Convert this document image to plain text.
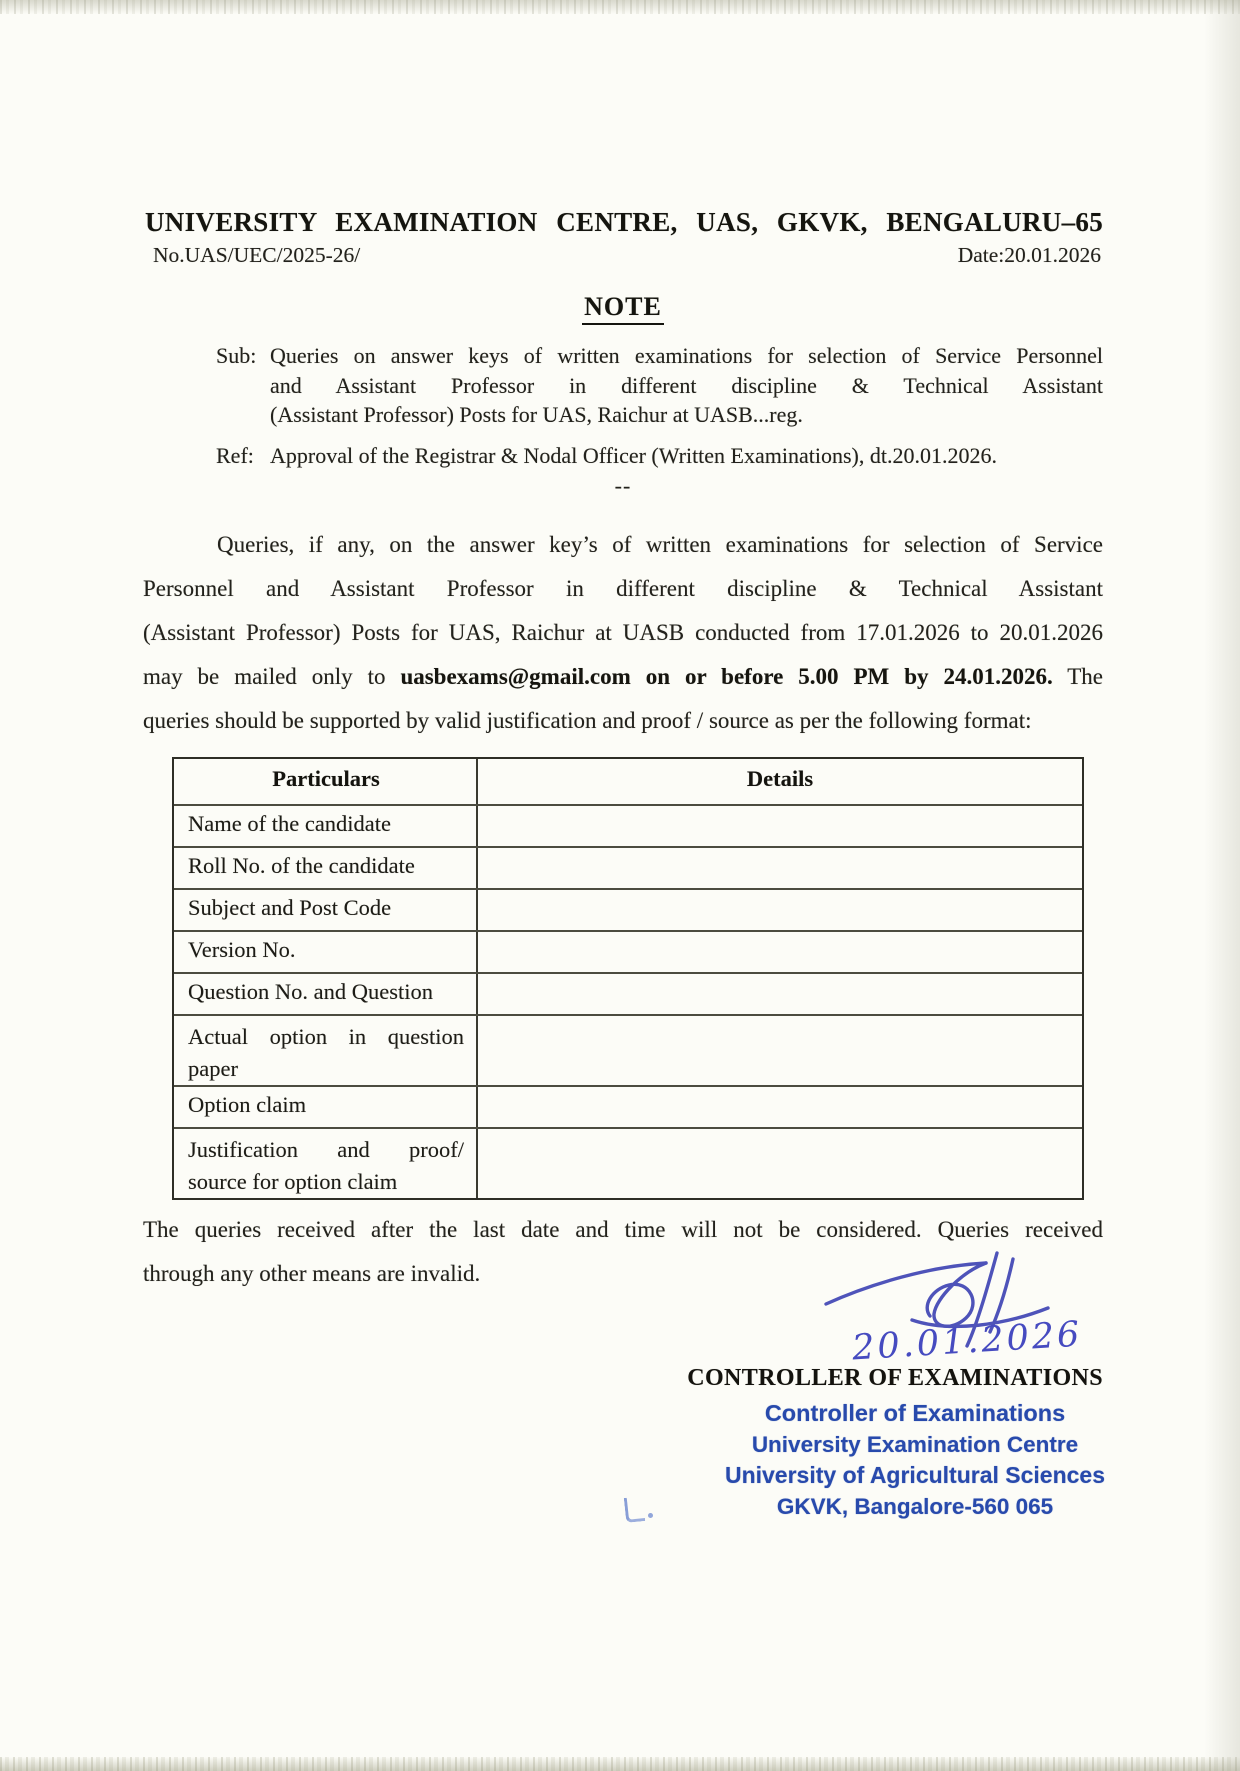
UNIVERSITY EXAMINATION CENTRE, UAS, GKVK, BENGALURU–65
No.UAS/UEC/2025-26/	Date:20.01.2026
NOTE
Sub: Queries on answer keys of written examinations for selection of Service Personnel
and Assistant Professor in different discipline & Technical Assistant
(Assistant Professor) Posts for UAS, Raichur at UASB...reg.
Ref: Approval of the Registrar & Nodal Officer (Written Examinations), dt.20.01.2026.
--
Queries, if any, on the answer key’s of written examinations for selection of Service
Personnel and Assistant Professor in different discipline & Technical Assistant
(Assistant Professor) Posts for UAS, Raichur at UASB conducted from 17.01.2026 to 20.01.2026
may be mailed only to uasbexams@gmail.com on or before 5.00 PM by 24.01.2026. The
queries should be supported by valid justification and proof / source as per the following format:
Particulars	Details
Name of the candidate
Roll No. of the candidate
Subject and Post Code
Version No.
Question No. and Question
Actual option in question
paper
Option claim
Justification and proof/
source for option claim
The queries received after the last date and time will not be considered. Queries received
through any other means are invalid.
20.01.2026
CONTROLLER OF EXAMINATIONS
Controller of Examinations
University Examination Centre
University of Agricultural Sciences
GKVK, Bangalore-560 065
